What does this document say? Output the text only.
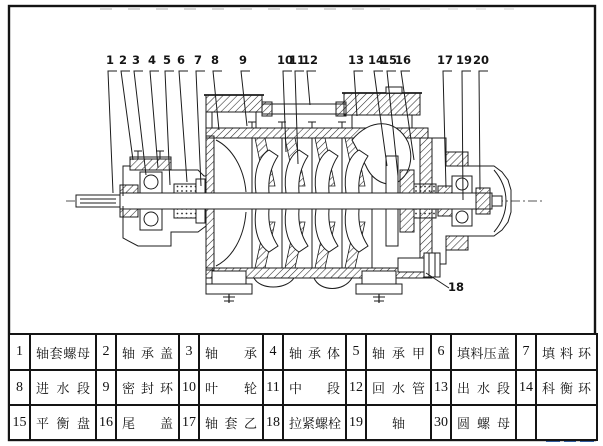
1 2 3 4 5 6 7 8 9	10
11
12	13 14
15
16 17 19 20
18
1	轴套螺母	2	轴承盖	3	轴承	4	轴承体	5	轴承甲	6	填料压盖	7	填料环
8	进水段	9	密封环	10	叶轮	11	中段	12	回水管	13	出水段	14	科衡环
15	平衡盘	16	尾盖	17	轴套乙	18	拉紧螺栓	19	轴	30	圆螺母		
